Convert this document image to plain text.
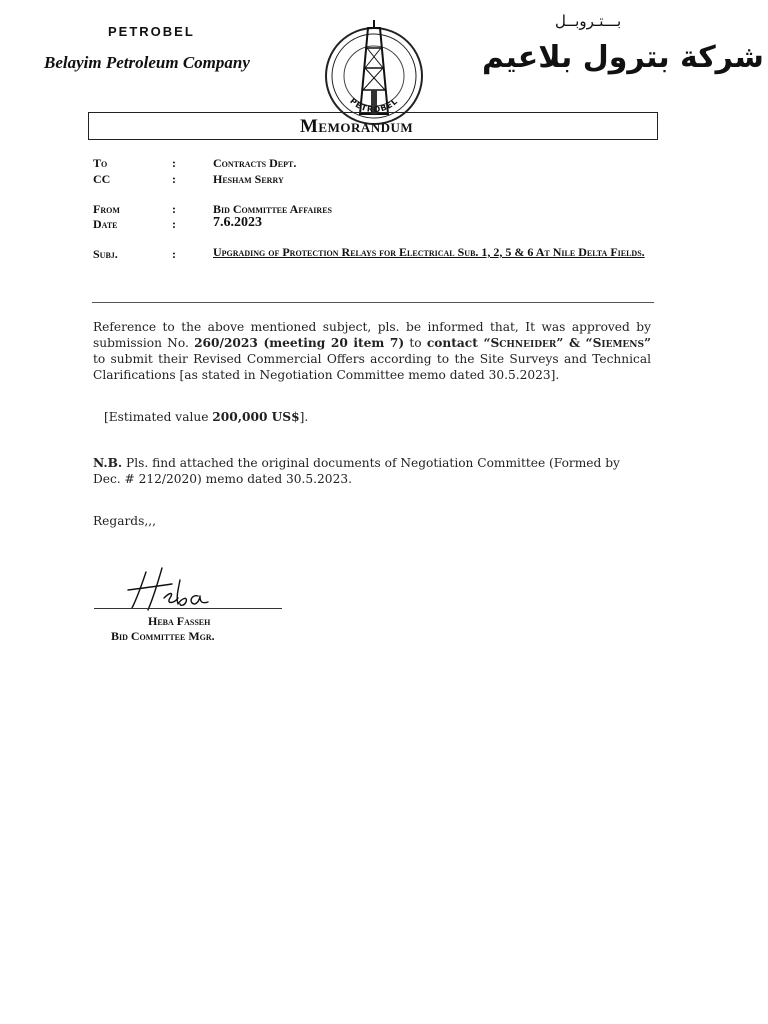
PETROBEL
Belayim Petroleum Company
بـــتـروبــل
شركة بترول بلاعيم
PETROBEL
Memorandum
To	:	Contracts Dept.
CC	:	Hesham Serry
From	:	Bid Committee Affaires
Date	:	7.6.2023
Subj.	:	Upgrading of Protection Relays for Electrical Sub. 1, 2, 5 & 6 At Nile Delta Fields.
Reference to the above mentioned subject, pls. be informed that, It was approved by submission No. 260/2023 (meeting 20 item 7) to contact “Schneider” & “Siemens” to submit their Revised Commercial Offers according to the Site Surveys and Technical Clarifications [as stated in Negotiation Committee memo dated 30.5.2023].
[Estimated value 200,000 US$].
N.B. Pls. find attached the original documents of Negotiation Committee (Formed by Dec. # 212/2020) memo dated 30.5.2023.
Regards,,,
Heba Fasseh
Bid Committee Mgr.
